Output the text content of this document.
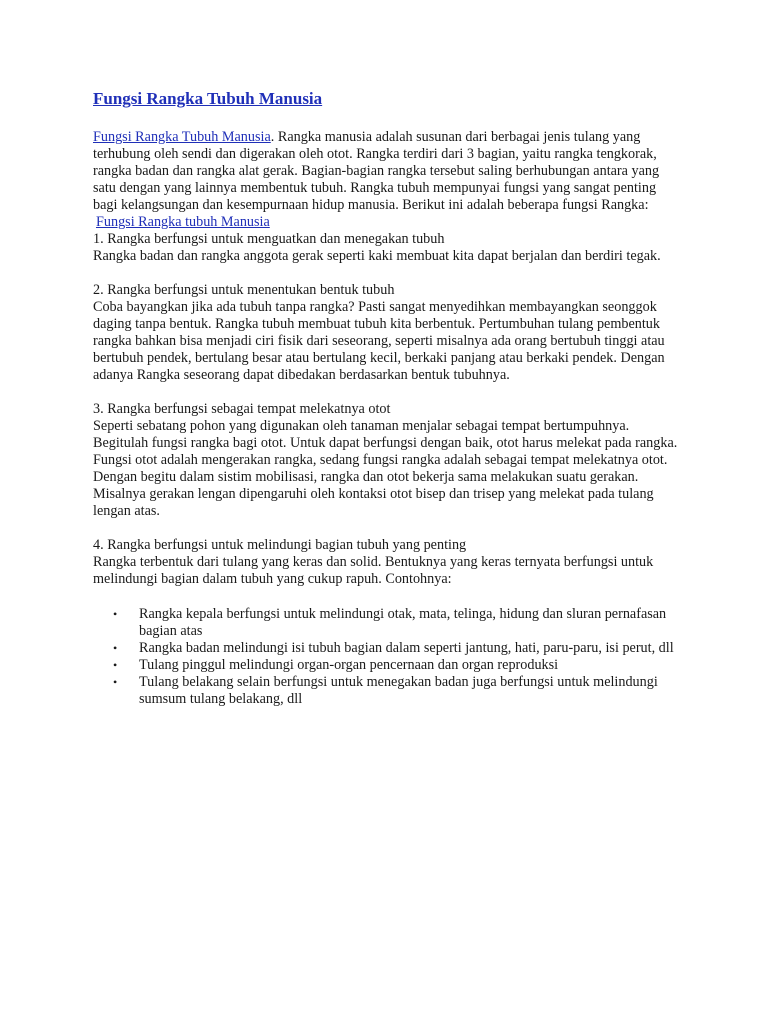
Fungsi Rangka Tubuh Manusia

Fungsi Rangka Tubuh Manusia. Rangka manusia adalah susunan dari berbagai jenis tulang yang terhubung oleh sendi dan digerakan oleh otot. Rangka terdiri dari 3 bagian, yaitu rangka tengkorak, rangka badan dan rangka alat gerak. Bagian-bagian rangka tersebut saling berhubungan antara yang satu dengan yang lainnya membentuk tubuh. Rangka tubuh mempunyai fungsi yang sangat penting bagi kelangsungan dan kesempurnaan hidup manusia. Berikut ini adalah beberapa fungsi Rangka:

Fungsi Rangka tubuh Manusia

1. Rangka berfungsi untuk menguatkan dan menegakan tubuh

Rangka badan dan rangka anggota gerak seperti kaki membuat kita dapat berjalan dan berdiri tegak.

2. Rangka berfungsi untuk menentukan bentuk tubuh

Coba bayangkan jika ada tubuh tanpa rangka? Pasti sangat menyedihkan membayangkan seonggok daging tanpa bentuk. Rangka tubuh membuat tubuh kita berbentuk. Pertumbuhan tulang pembentuk rangka bahkan bisa menjadi ciri fisik dari seseorang, seperti misalnya ada orang bertubuh tinggi atau bertubuh pendek, bertulang besar atau bertulang kecil, berkaki panjang atau berkaki pendek. Dengan adanya Rangka seseorang dapat dibedakan berdasarkan bentuk tubuhnya.

3. Rangka berfungsi sebagai tempat melekatnya otot

Seperti sebatang pohon yang digunakan oleh tanaman menjalar sebagai tempat bertumpuhnya. Begitulah fungsi rangka bagi otot. Untuk dapat berfungsi dengan baik, otot harus melekat pada rangka. Fungsi otot adalah mengerakan rangka, sedang fungsi rangka adalah sebagai tempat melekatnya otot. Dengan begitu dalam sistim mobilisasi, rangka dan otot bekerja sama melakukan suatu gerakan. Misalnya gerakan lengan dipengaruhi oleh kontaksi otot bisep dan trisep yang melekat pada tulang lengan atas.

4. Rangka berfungsi untuk melindungi bagian tubuh yang penting

Rangka terbentuk dari tulang yang keras dan solid. Bentuknya yang keras ternyata berfungsi untuk melindungi bagian dalam tubuh yang cukup rapuh. Contohnya:

• Rangka kepala berfungsi untuk melindungi otak, mata, telinga, hidung dan sluran pernafasan bagian atas
• Rangka badan melindungi isi tubuh bagian dalam seperti jantung, hati, paru-paru, isi perut, dll
• Tulang pinggul melindungi organ-organ pencernaan dan organ reproduksi
• Tulang belakang selain berfungsi untuk menegakan badan juga berfungsi untuk melindungi sumsum tulang belakang, dll
